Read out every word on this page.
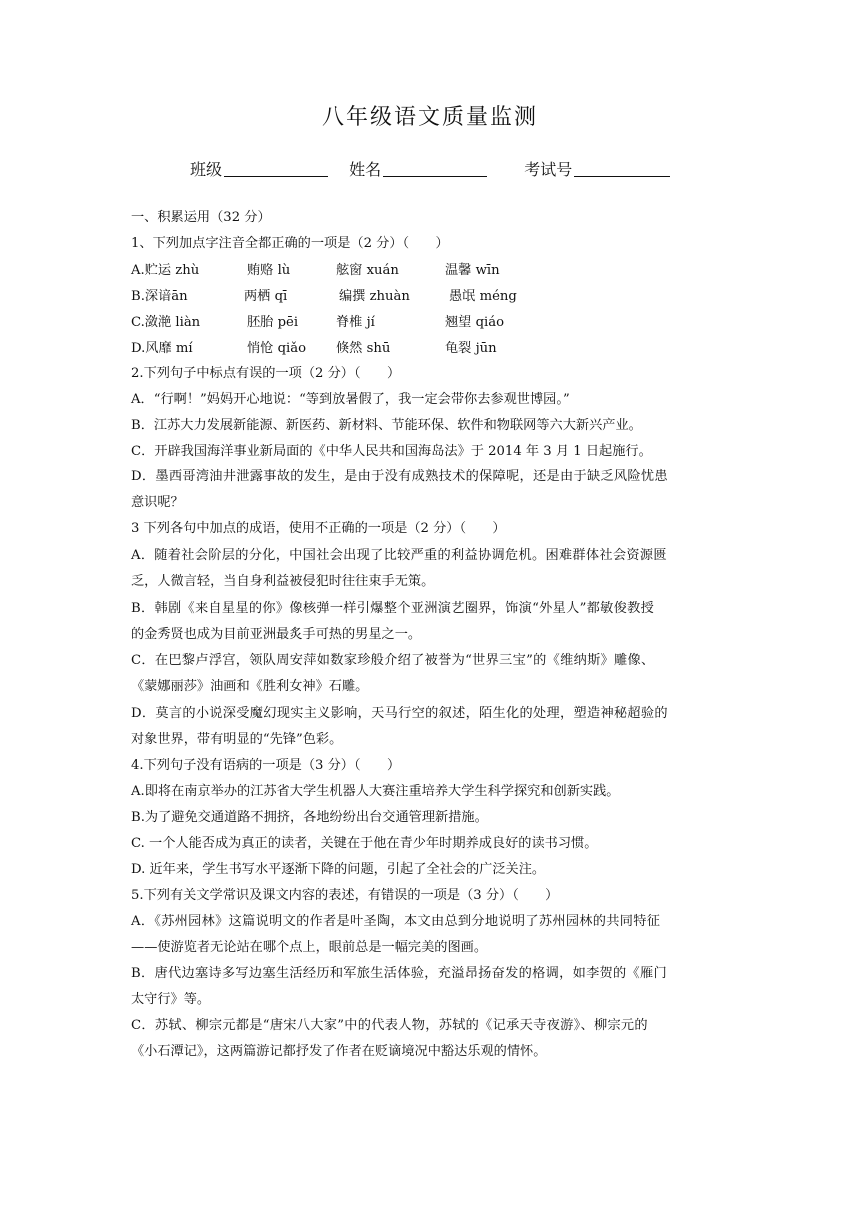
八年级语文质量监测
班级	姓名	考试号
一、积累运用（32 分）
1、下列加点字注音全都正确的一项是（2 分）（　　）
A.贮运 zhù	贿赂 lù	舷窗 xuán	温馨 wīn
B.深谙ān	两栖 qī	编撰 zhuàn	愚氓 méng
C.潋滟 liàn	胚胎 pēi	脊椎 jí	翘望 qiáo
D.风靡 mí	悄怆 qiǎo 倏然 shū	龟裂 jūn
2.下列句子中标点有误的一项（2 分）（　　）
A．“行啊！”妈妈开心地说：“等到放暑假了，我一定会带你去参观世博园。”
B．江苏大力发展新能源、新医药、新材料、节能环保、软件和物联网等六大新兴产业。
C．开辟我国海洋事业新局面的《中华人民共和国海岛法》于 2014 年 3 月 1 日起施行。
D．墨西哥湾油井泄露事故的发生，是由于没有成熟技术的保障呢，还是由于缺乏风险忧患
意识呢？
3 下列各句中加点的成语，使用不正确的一项是（2 分）（　　）
A．随着社会阶层的分化，中国社会出现了比较严重的利益协调危机。困难群体社会资源匮
乏，人微言轻，当自身利益被侵犯时往往束手无策。
B．韩剧《来自星星的你》像核弹一样引爆整个亚洲演艺圈界，饰演“外星人”都敏俊教授
的金秀贤也成为目前亚洲最炙手可热的男星之一。
C．在巴黎卢浮宫，领队周安萍如数家珍般介绍了被誉为“世界三宝”的《维纳斯》雕像、
《蒙娜丽莎》油画和《胜利女神》石雕。
D．莫言的小说深受魔幻现实主义影响，天马行空的叙述，陌生化的处理，塑造神秘超验的
对象世界，带有明显的“先锋”色彩。
4.下列句子没有语病的一项是（3 分）（　　）
A.即将在南京举办的江苏省大学生机器人大赛注重培养大学生科学探究和创新实践。
B.为了避免交通道路不拥挤，各地纷纷出台交通管理新措施。
C. 一个人能否成为真正的读者，关键在于他在青少年时期养成良好的读书习惯。
D. 近年来，学生书写水平逐渐下降的问题，引起了全社会的广泛关注。
5.下列有关文学常识及课文内容的表述，有错误的一项是（3 分）（　　）
A．《苏州园林》这篇说明文的作者是叶圣陶，本文由总到分地说明了苏州园林的共同特征
——使游览者无论站在哪个点上，眼前总是一幅完美的图画。
B．唐代边塞诗多写边塞生活经历和军旅生活体验，充溢昂扬奋发的格调，如李贺的《雁门
太守行》等。
C．苏轼、柳宗元都是“唐宋八大家”中的代表人物，苏轼的《记承天寺夜游》、柳宗元的
《小石潭记》，这两篇游记都抒发了作者在贬谪境况中豁达乐观的情怀。
